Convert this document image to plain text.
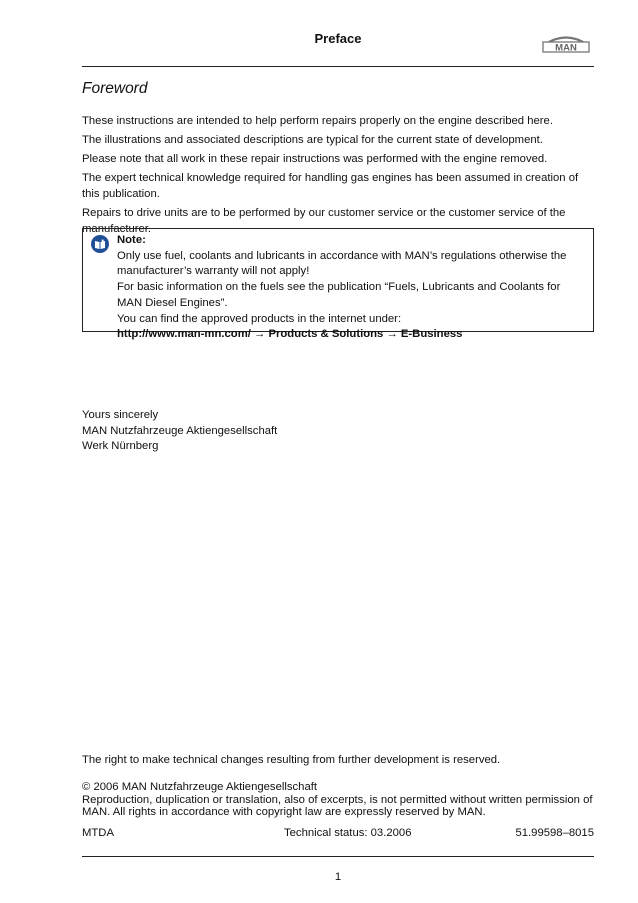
Preface
MAN
Foreword

These instructions are intended to help perform repairs properly on the engine described here.

The illustrations and associated descriptions are typical for the current state of development.

Please note that all work in these repair instructions was performed with the engine removed.

The expert technical knowledge required for handling gas engines has been assumed in creation of this publication.

Repairs to drive units are to be performed by our customer service or the customer service of the manufacturer.

Note:
Only use fuel, coolants and lubricants in accordance with MAN’s regulations otherwise the manufacturer’s warranty will not apply!
For basic information on the fuels see the publication “Fuels, Lubricants and Coolants for MAN Diesel Engines”.
You can find the approved products in the internet under:
http://www.man-mn.com/ → Products & Solutions → E-Business
Yours sincerely
MAN Nutzfahrzeuge Aktiengesellschaft
Werk Nürnberg
The right to make technical changes resulting from further development is reserved.
© 2006 MAN Nutzfahrzeuge Aktiengesellschaft
Reproduction, duplication or translation, also of excerpts, is not permitted without written permission of MAN. All rights in accordance with copyright law are expressly reserved by MAN.
MTDA	Technical status: 03.2006	51.99598–8015
1
